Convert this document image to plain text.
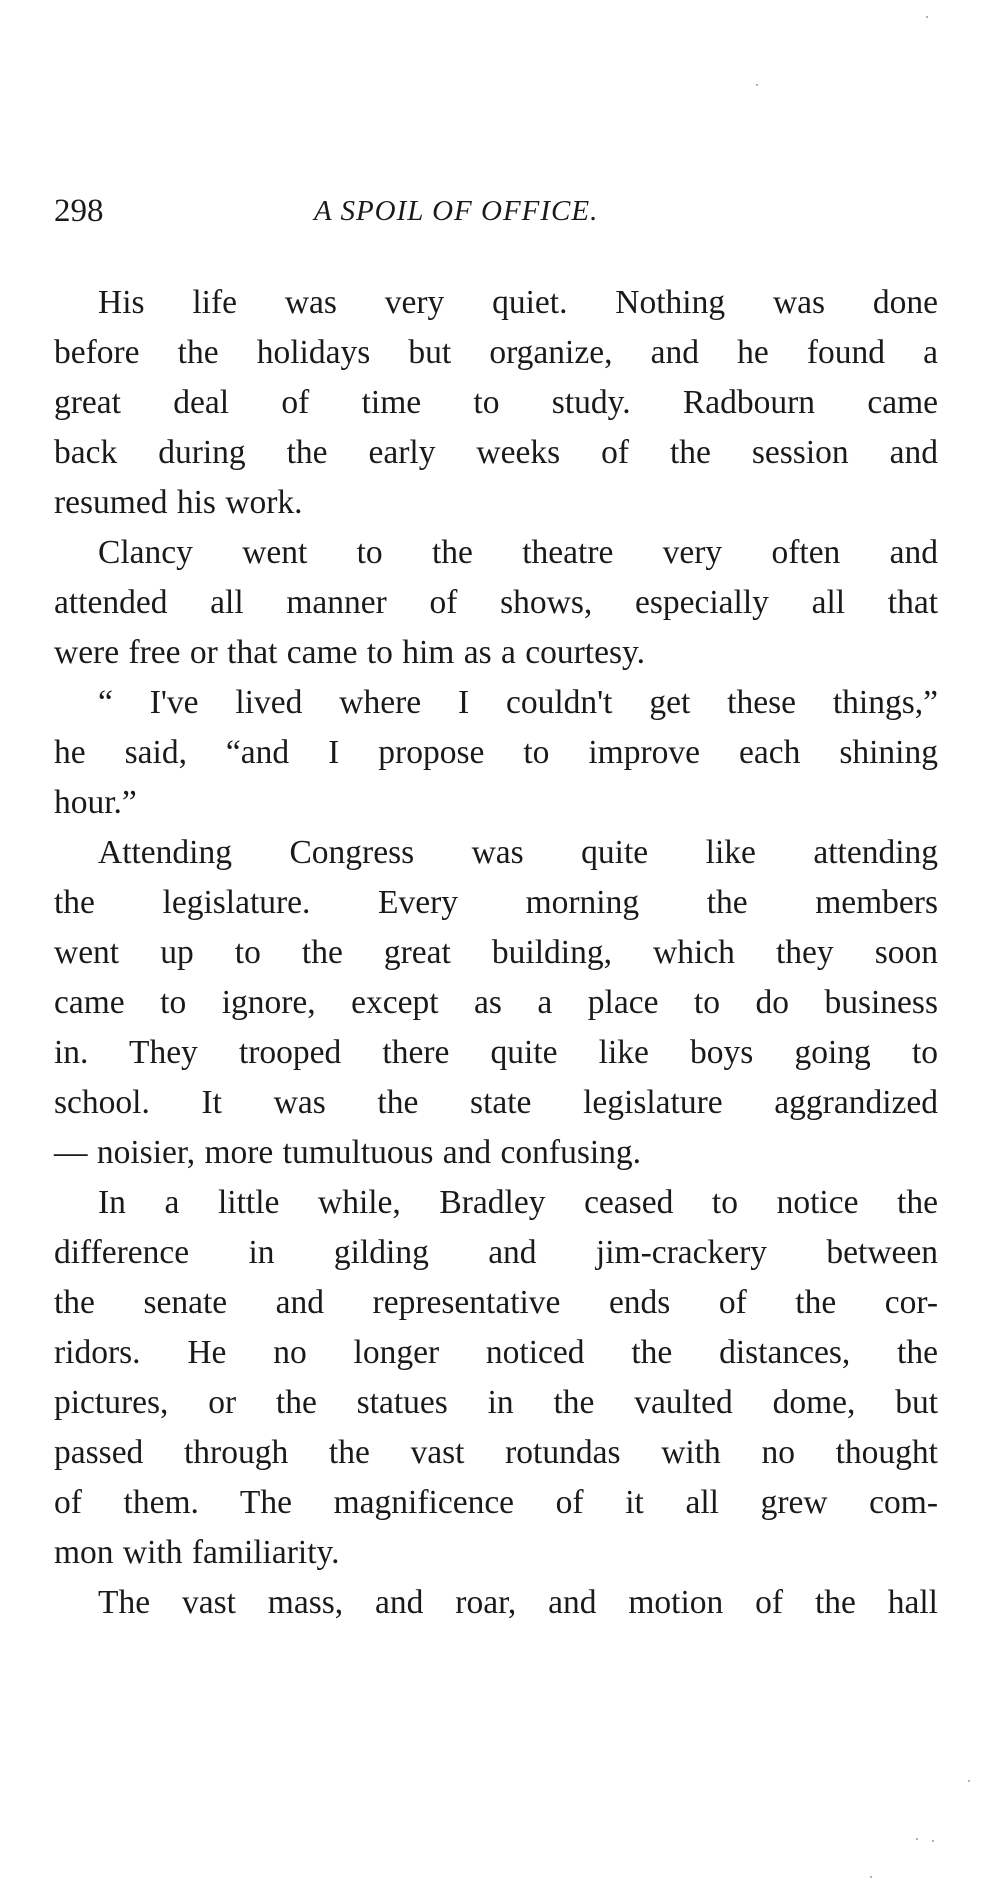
298	A SPOIL OF OFFICE.
His life was very quiet. Nothing was done
before the holidays but organize, and he found a
great deal of time to study. Radbourn came
back during the early weeks of the session and
resumed his work.
Clancy went to the theatre very often and
attended all manner of shows, especially all that
were free or that came to him as a courtesy.
“ I've lived where I couldn't get these things,”
he said, “and I propose to improve each shining
hour.”
Attending Congress was quite like attending
the legislature. Every morning the members
went up to the great building, which they soon
came to ignore, except as a place to do business
in. They trooped there quite like boys going to
school. It was the state legislature aggrandized
— noisier, more tumultuous and confusing.
In a little while, Bradley ceased to notice the
difference in gilding and jim-crackery between
the senate and representative ends of the cor-
ridors. He no longer noticed the distances, the
pictures, or the statues in the vaulted dome, but
passed through the vast rotundas with no thought
of them. The magnificence of it all grew com-
mon with familiarity.
The vast mass, and roar, and motion of the hall
